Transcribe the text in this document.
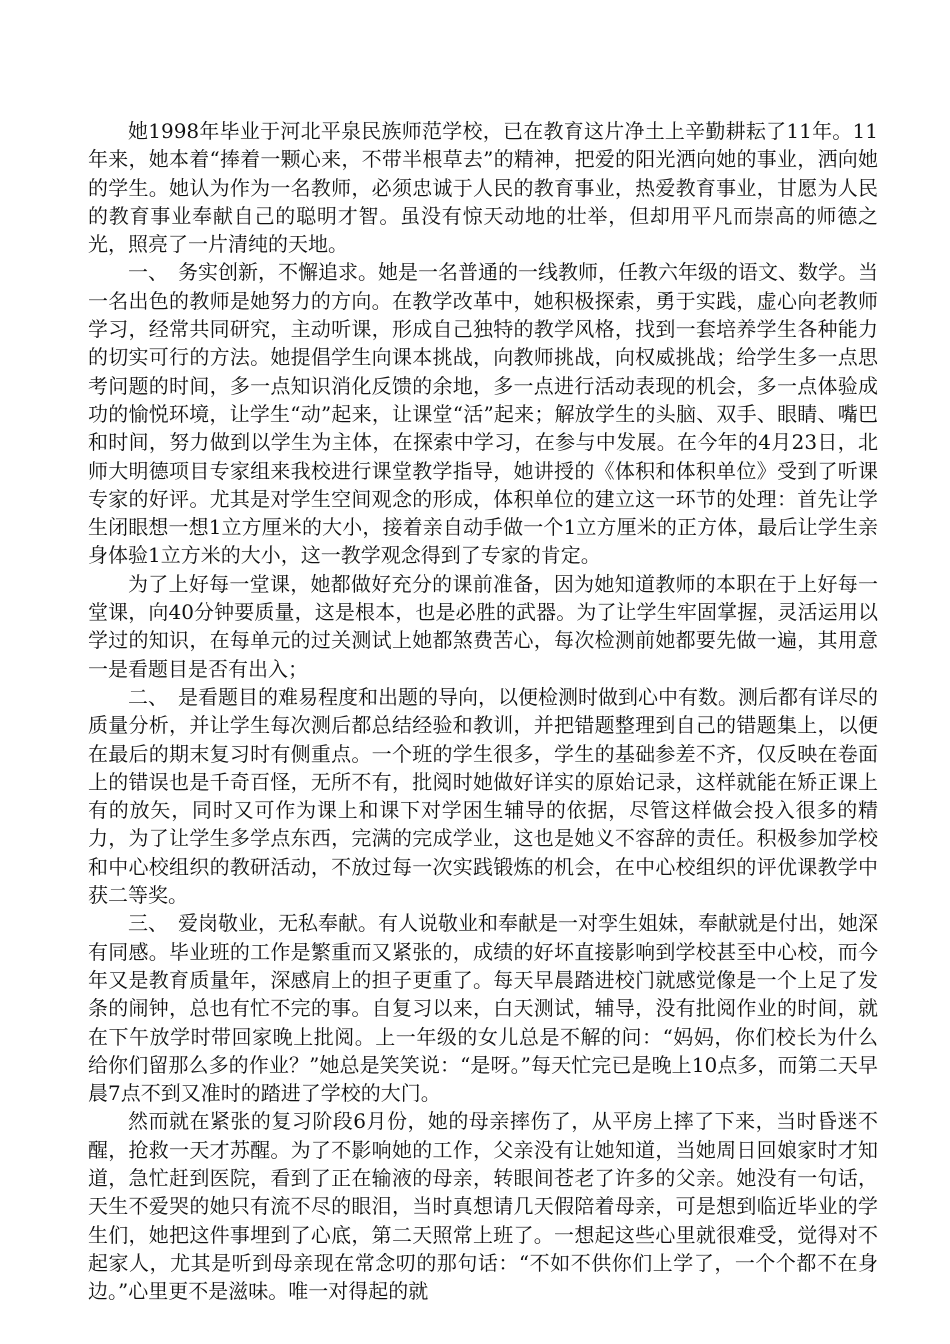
她1998年毕业于河北平泉民族师范学校，已在教育这片净土上辛勤耕耘了11年。11年来，她本着“捧着一颗心来，不带半根草去”的精神，把爱的阳光洒向她的事业，洒向她的学生。她认为作为一名教师，必须忠诚于人民的教育事业，热爱教育事业，甘愿为人民的教育事业奉献自己的聪明才智。虽没有惊天动地的壮举，但却用平凡而崇高的师德之光，照亮了一片清纯的天地。

一、　务实创新，不懈追求。她是一名普通的一线教师，任教六年级的语文、数学。当一名出色的教师是她努力的方向。在教学改革中，她积极探索，勇于实践，虚心向老教师学习，经常共同研究，主动听课，形成自己独特的教学风格，找到一套培养学生各种能力的切实可行的方法。她提倡学生向课本挑战，向教师挑战，向权威挑战；给学生多一点思考问题的时间，多一点知识消化反馈的余地，多一点进行活动表现的机会，多一点体验成功的愉悦环境，让学生“动”起来，让课堂“活”起来；解放学生的头脑、双手、眼睛、嘴巴和时间，努力做到以学生为主体，在探索中学习，在参与中发展。在今年的4月23日，北师大明德项目专家组来我校进行课堂教学指导，她讲授的《体积和体积单位》受到了听课专家的好评。尤其是对学生空间观念的形成，体积单位的建立这一环节的处理：首先让学生闭眼想一想1立方厘米的大小，接着亲自动手做一个1立方厘米的正方体，最后让学生亲身体验1立方米的大小，这一教学观念得到了专家的肯定。

为了上好每一堂课，她都做好充分的课前准备，因为她知道教师的本职在于上好每一堂课，向40分钟要质量，这是根本，也是必胜的武器。为了让学生牢固掌握，灵活运用以学过的知识，在每单元的过关测试上她都煞费苦心，每次检测前她都要先做一遍，其用意一是看题目是否有出入；

二、　是看题目的难易程度和出题的导向，以便检测时做到心中有数。测后都有详尽的质量分析，并让学生每次测后都总结经验和教训，并把错题整理到自己的错题集上，以便在最后的期末复习时有侧重点。一个班的学生很多，学生的基础参差不齐，仅反映在卷面上的错误也是千奇百怪，无所不有，批阅时她做好详实的原始记录，这样就能在矫正课上有的放矢，同时又可作为课上和课下对学困生辅导的依据，尽管这样做会投入很多的精力，为了让学生多学点东西，完满的完成学业，这也是她义不容辞的责任。积极参加学校和中心校组织的教研活动，不放过每一次实践锻炼的机会，在中心校组织的评优课教学中获二等奖。

三、　爱岗敬业，无私奉献。有人说敬业和奉献是一对孪生姐妹，奉献就是付出，她深有同感。毕业班的工作是繁重而又紧张的，成绩的好坏直接影响到学校甚至中心校，而今年又是教育质量年，深感肩上的担子更重了。每天早晨踏进校门就感觉像是一个上足了发条的闹钟，总也有忙不完的事。自复习以来，白天测试，辅导，没有批阅作业的时间，就在下午放学时带回家晚上批阅。上一年级的女儿总是不解的问：“妈妈，你们校长为什么给你们留那么多的作业？”她总是笑笑说：“是呀。”每天忙完已是晚上10点多，而第二天早晨7点不到又准时的踏进了学校的大门。

然而就在紧张的复习阶段6月份，她的母亲摔伤了，从平房上摔了下来，当时昏迷不醒，抢救一天才苏醒。为了不影响她的工作，父亲没有让她知道，当她周日回娘家时才知道，急忙赶到医院，看到了正在输液的母亲，转眼间苍老了许多的父亲。她没有一句话，天生不爱哭的她只有流不尽的眼泪，当时真想请几天假陪着母亲，可是想到临近毕业的学生们，她把这件事埋到了心底，第二天照常上班了。一想起这些心里就很难受，觉得对不起家人，尤其是听到母亲现在常念叨的那句话：“不如不供你们上学了，一个个都不在身边。”心里更不是滋味。唯一对得起的就
